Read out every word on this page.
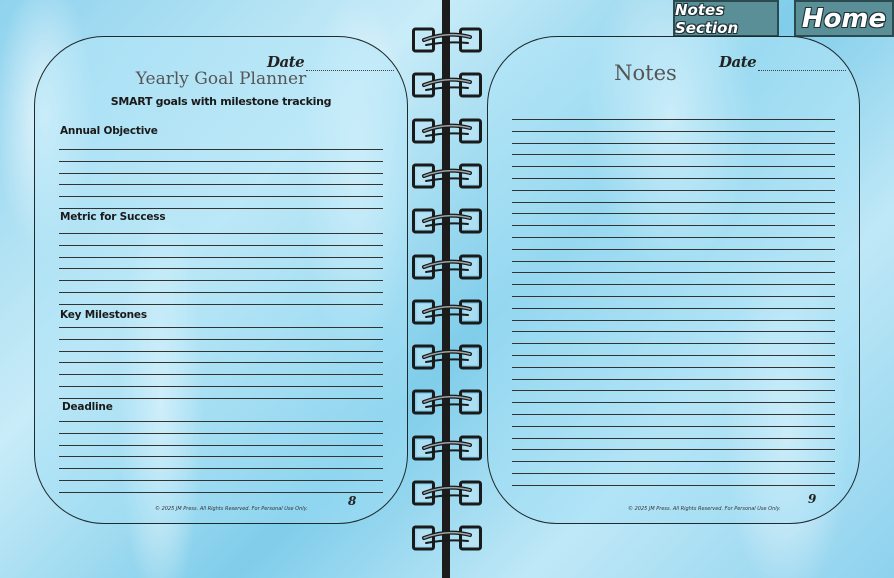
Notes Section	Home
Date
Yearly Goal Planner
SMART goals with milestone tracking
Annual Objective
Metric for Success
Key Milestones
Deadline
© 2025 JM Press. All Rights Reserved. For Personal Use Only.
8
Date
Notes
© 2025 JM Press. All Rights Reserved. For Personal Use Only.
9
